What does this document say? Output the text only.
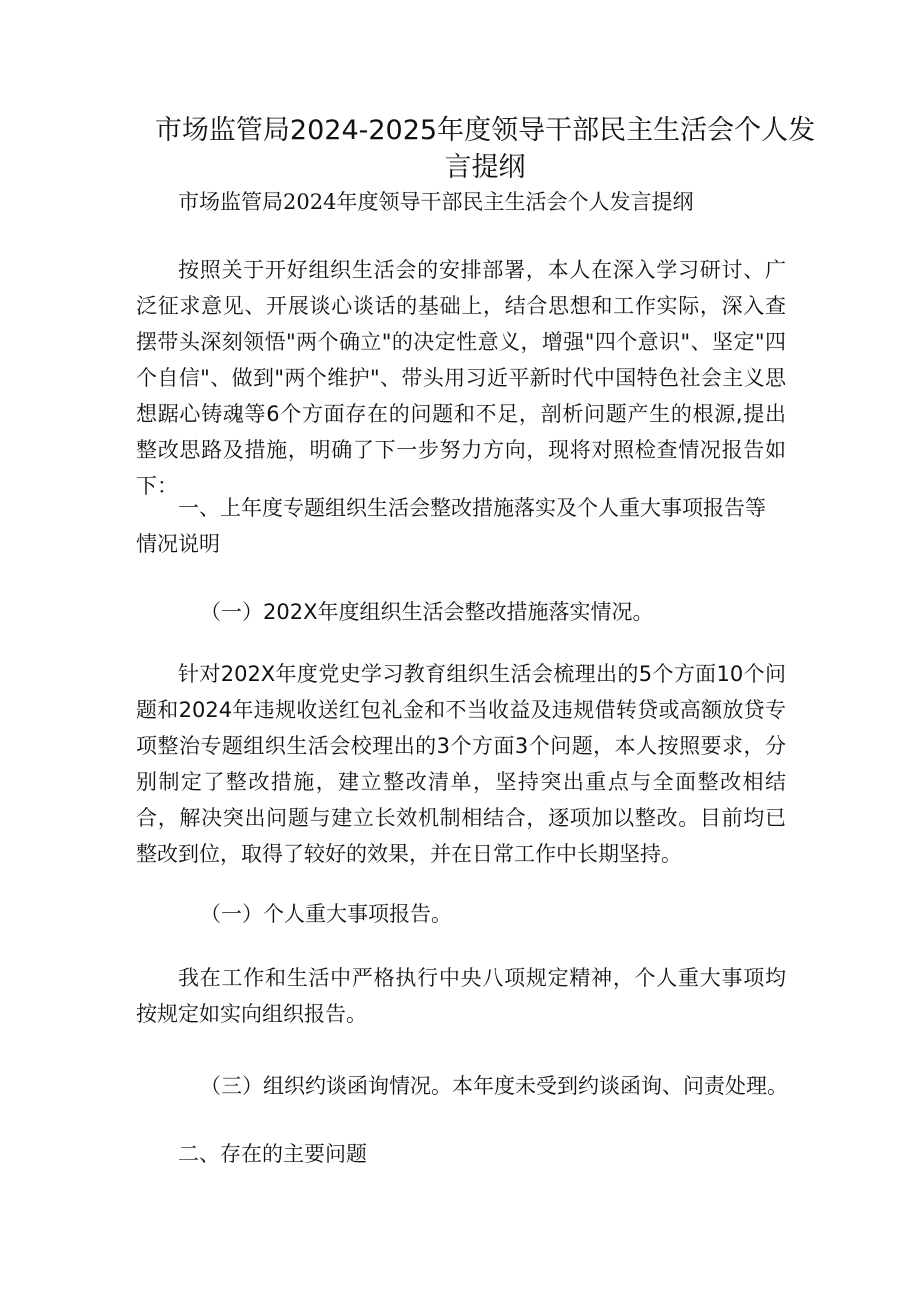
市场监管局2024-2025年度领导干部民主生活会个人发言提纲
市场监管局2024年度领导干部民主生活会个人发言提纲
按照关于开好组织生活会的安排部署，本人在深入学习研讨、广泛征求意见、开展谈心谈话的基础上，结合思想和工作实际，深入查摆带头深刻领悟"两个确立"的决定性意义，增强"四个意识"、坚定"四个自信"、做到"两个维护"、带头用习近平新时代中国特色社会主义思想踞心铸魂等6个方面存在的问题和不足，剖析问题产生的根源,提出整改思路及措施，明确了下一步努力方向，现将对照检查情况报告如下：
一、上年度专题组织生活会整改措施落实及个人重大事项报告等情况说明
（一）202X年度组织生活会整改措施落实情况。
针对202X年度党史学习教育组织生活会梳理出的5个方面10个问题和2024年违规收送红包礼金和不当收益及违规借转贷或高额放贷专项整治专题组织生活会校理出的3个方面3个问题，本人按照要求，分别制定了整改措施，建立整改清单，坚持突出重点与全面整改相结合，解决突出问题与建立长效机制相结合，逐项加以整改。目前均已整改到位，取得了较好的效果，并在日常工作中长期坚持。
（一）个人重大事项报告。
我在工作和生活中严格执行中央八项规定精神，个人重大事项均按规定如实向组织报告。
（三）组织约谈函询情况。本年度未受到约谈函询、问责处理。
二、存在的主要问题
